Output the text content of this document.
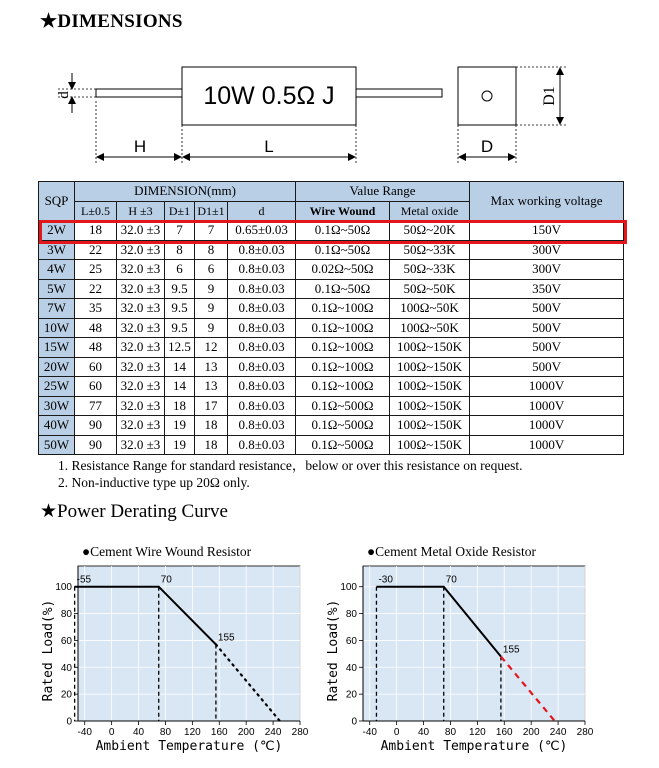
★DIMENSIONS
10W 0.5Ω J
d	D1
H	L	D
SQP	DIMENSION(mm)					Value Range		Max working voltage
	L±0.5	H ±3	D±1	D1±1	d	Wire Wound	Metal oxide	
2W	18	32.0 ±3	7	7	0.65±0.03	0.1Ω~50Ω	50Ω~20K	150V
3W	22	32.0 ±3	8	8	0.8±0.03	0.1Ω~50Ω	50Ω~33K	300V
4W	25	32.0 ±3	6	6	0.8±0.03	0.02Ω~50Ω	50Ω~33K	300V
5W	22	32.0 ±3	9.5	9	0.8±0.03	0.1Ω~50Ω	50Ω~50K	350V
7W	35	32.0 ±3	9.5	9	0.8±0.03	0.1Ω~100Ω	100Ω~50K	500V
10W	48	32.0 ±3	9.5	9	0.8±0.03	0.1Ω~100Ω	100Ω~50K	500V
15W	48	32.0 ±3	12.5	12	0.8±0.03	0.1Ω~100Ω	100Ω~150K	500V
20W	60	32.0 ±3	14	13	0.8±0.03	0.1Ω~100Ω	100Ω~150K	500V
25W	60	32.0 ±3	14	13	0.8±0.03	0.1Ω~100Ω	100Ω~150K	1000V
30W	77	32.0 ±3	18	17	0.8±0.03	0.1Ω~500Ω	100Ω~150K	1000V
40W	90	32.0 ±3	19	18	0.8±0.03	0.1Ω~500Ω	100Ω~150K	1000V
50W	90	32.0 ±3	19	18	0.8±0.03	0.1Ω~500Ω	100Ω~150K	1000V
1. Resistance Range for standard resistance，below or over this resistance on request.
2. Non-inductive type up 20Ω only.
★Power Derating Curve
●Cement Wire Wound Resistor
0
20
40
60
80
100
-40 0 40 80 120 160 200 240 280
-55	70
155
Ambient Temperature (℃)
Rated Load(%)
●Cement Metal Oxide Resistor
0
20
40
60
80
100
-40 0 40 80 120 160 200 240 280
-30	70
155
Ambient Temperature (℃)
Rated Load(%)
